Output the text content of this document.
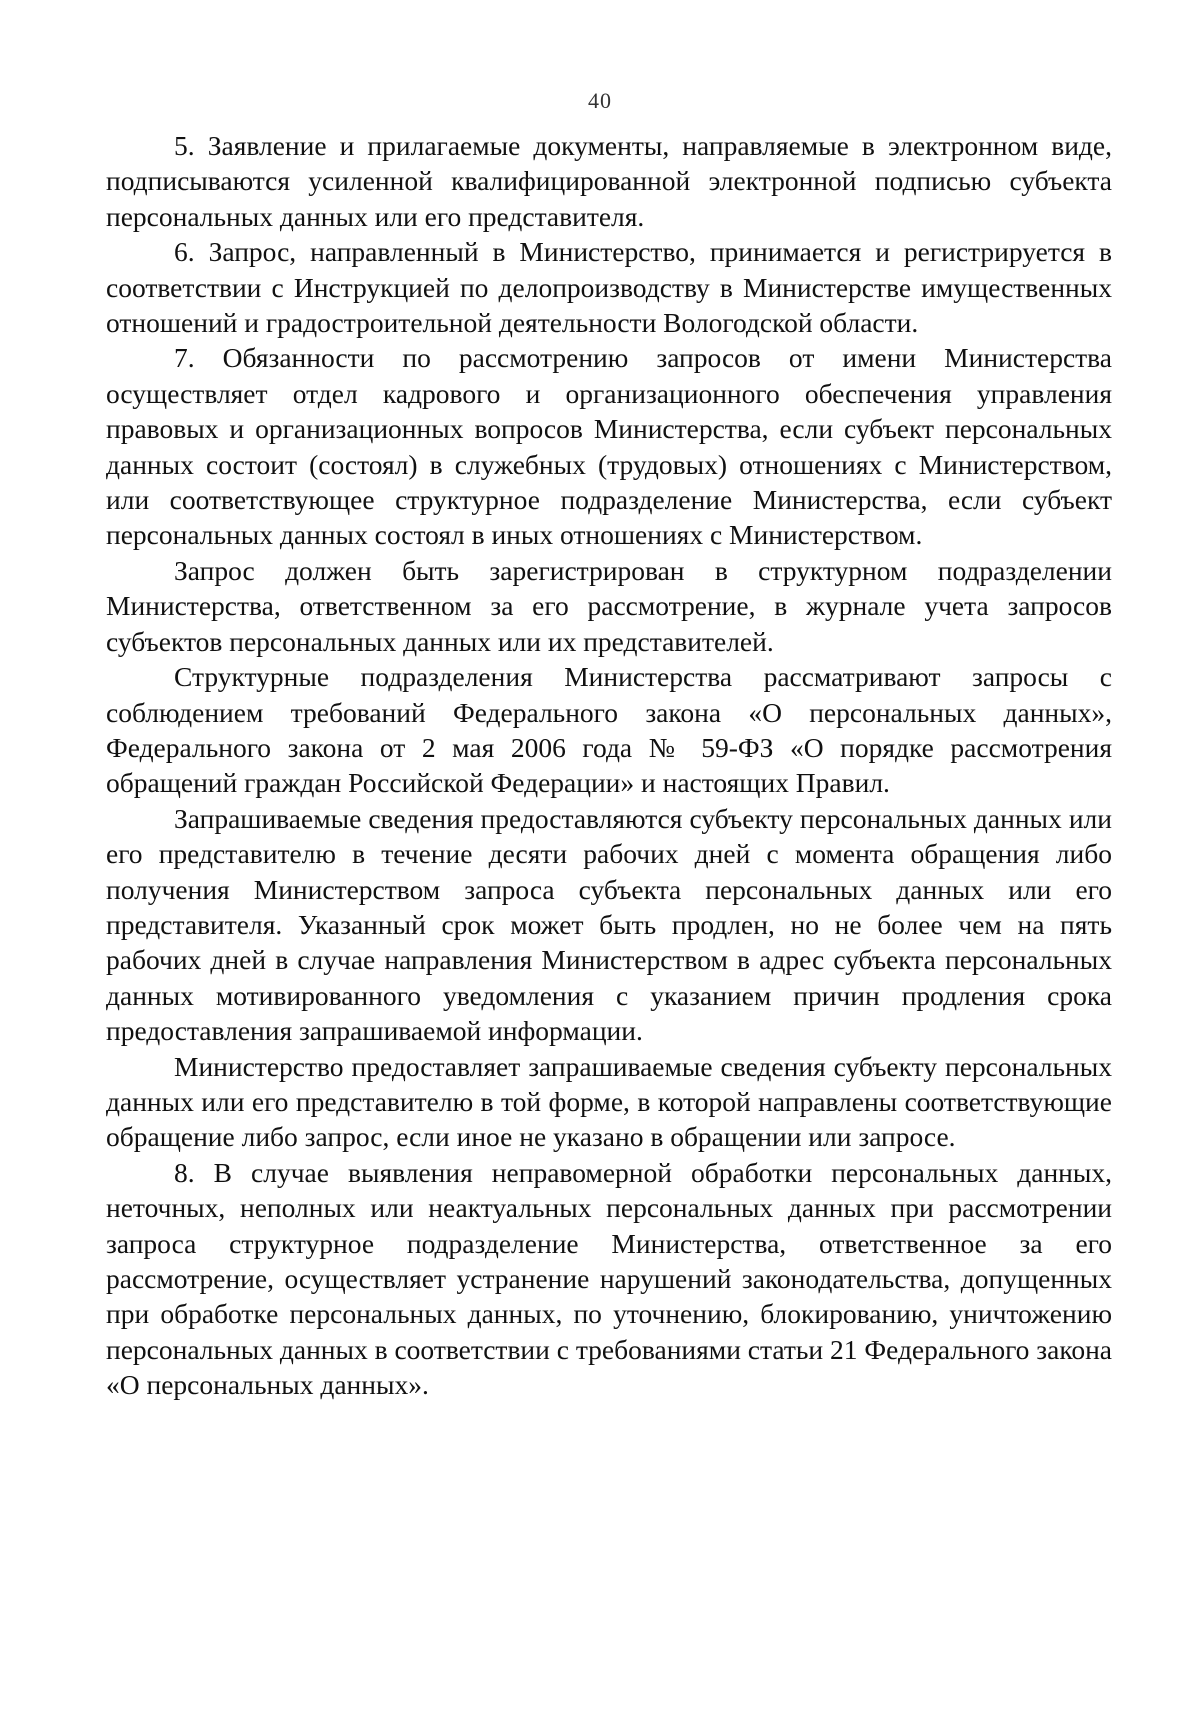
40

5. Заявление и прилагаемые документы, направляемые в электронном виде, подписываются усиленной квалифицированной электронной подписью субъекта персональных данных или его представителя.

6. Запрос, направленный в Министерство, принимается и регистрируется в соответствии с Инструкцией по делопроизводству в Министерстве имущественных отношений и градостроительной деятельности Вологодской области.

7. Обязанности по рассмотрению запросов от имени Министерства осуществляет отдел кадрового и организационного обеспечения управления правовых и организационных вопросов Министерства, если субъект персональных данных состоит (состоял) в служебных (трудовых) отношениях с Министерством, или соответствующее структурное подразделение Министерства, если субъект персональных данных состоял в иных отношениях с Министерством.

Запрос должен быть зарегистрирован в структурном подразделении Министерства, ответственном за его рассмотрение, в журнале учета запросов субъектов персональных данных или их представителей.

Структурные подразделения Министерства рассматривают запросы с соблюдением требований Федерального закона «О персональных данных», Федерального закона от 2 мая 2006 года № 59-ФЗ «О порядке рассмотрения обращений граждан Российской Федерации» и настоящих Правил.

Запрашиваемые сведения предоставляются субъекту персональных данных или его представителю в течение десяти рабочих дней с момента обращения либо получения Министерством запроса субъекта персональных данных или его представителя. Указанный срок может быть продлен, но не более чем на пять рабочих дней в случае направления Министерством в адрес субъекта персональных данных мотивированного уведомления с указанием причин продления срока предоставления запрашиваемой информации.

Министерство предоставляет запрашиваемые сведения субъекту персональных данных или его представителю в той форме, в которой направлены соответствующие обращение либо запрос, если иное не указано в обращении или запросе.

8. В случае выявления неправомерной обработки персональных данных, неточных, неполных или неактуальных персональных данных при рассмотрении запроса структурное подразделение Министерства, ответственное за его рассмотрение, осуществляет устранение нарушений законодательства, допущенных при обработке персональных данных, по уточнению, блокированию, уничтожению персональных данных в соответствии с требованиями статьи 21 Федерального закона «О персональных данных».
